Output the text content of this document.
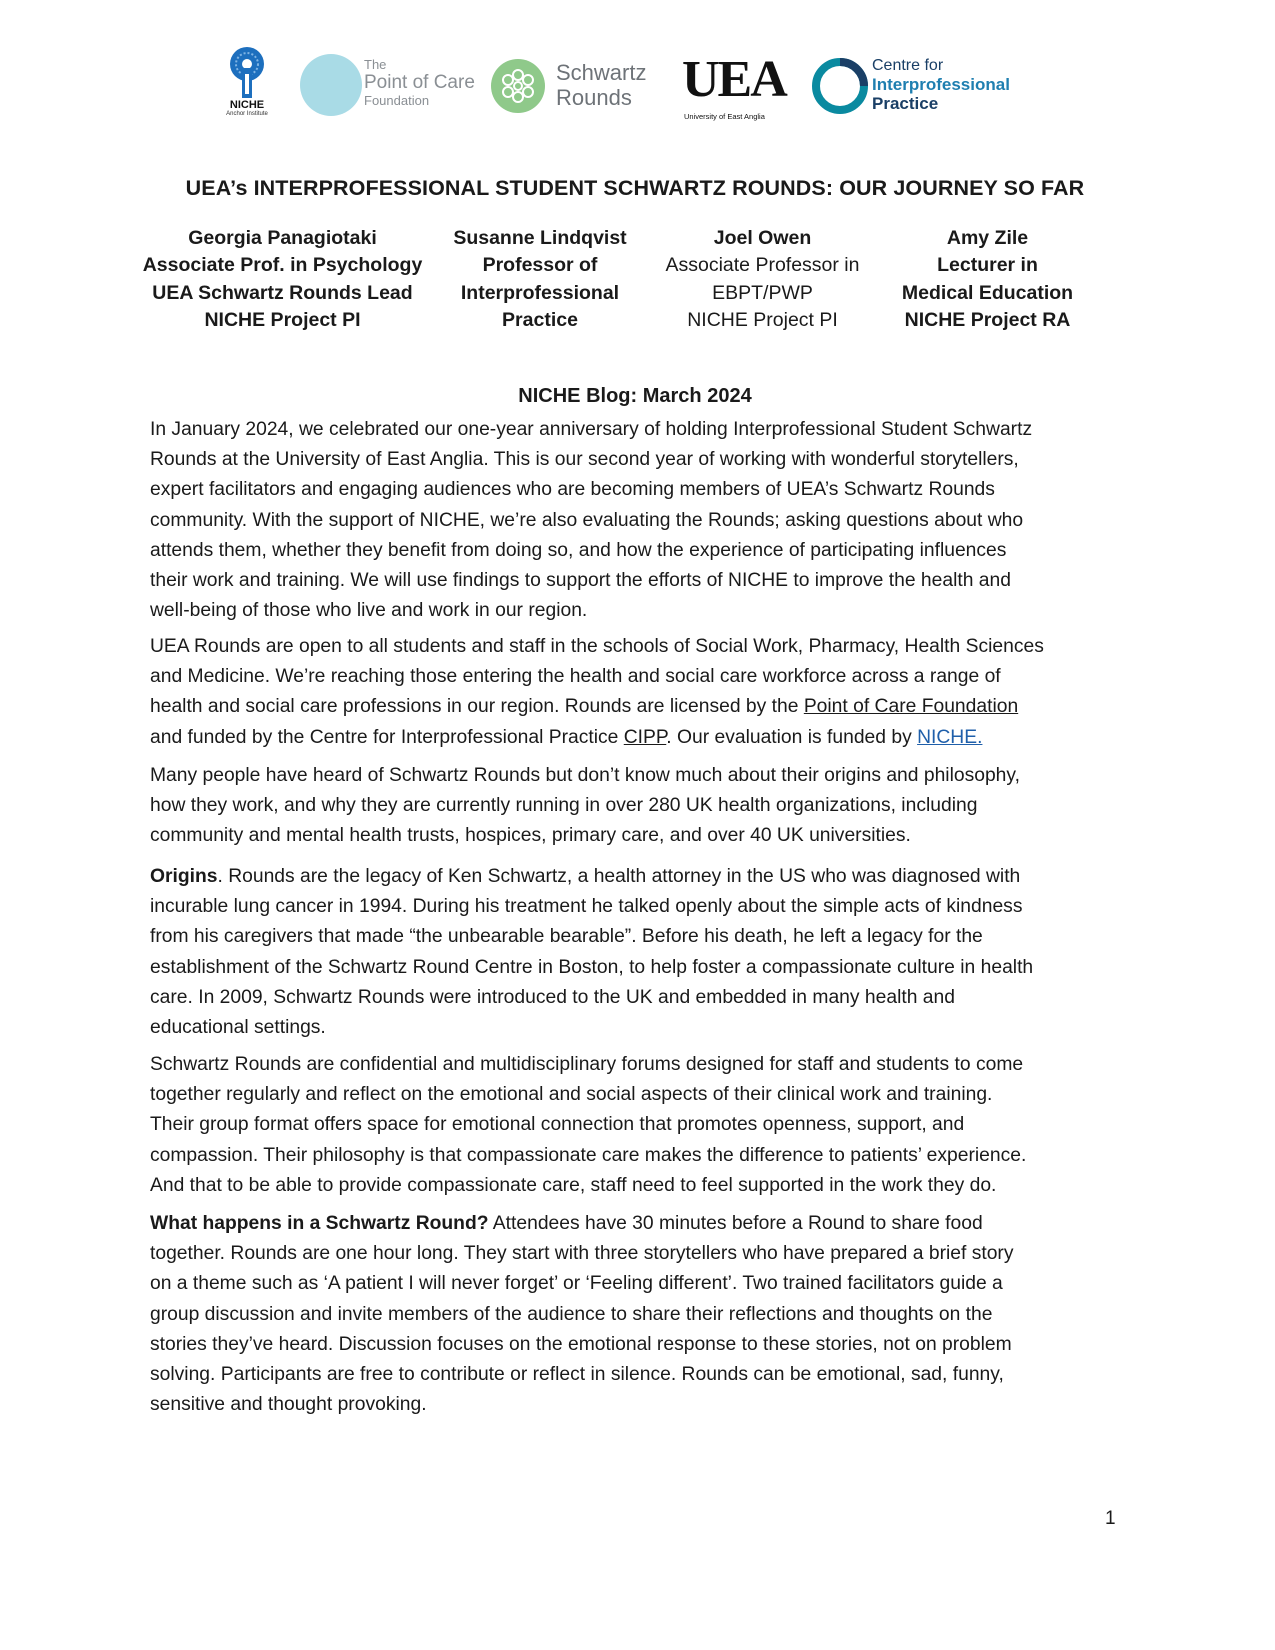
NICHE
Anchor Institute
The
Point of Care
Foundation
Schwartz
Rounds UEA
University of East Anglia
Centre for
Interprofessional
Practice
UEA’s INTERPROFESSIONAL STUDENT SCHWARTZ ROUNDS: OUR JOURNEY SO FAR
Georgia Panagiotaki
Associate Prof. in Psychology
UEA Schwartz Rounds Lead
NICHE Project PI
Susanne Lindqvist
Professor of
Interprofessional
Practice
Joel Owen
Associate Professor in
EBPT/PWP
NICHE Project PI
Amy Zile
Lecturer in
Medical Education
NICHE Project RA
NICHE Blog: March 2024
In January 2024, we celebrated our one-year anniversary of holding Interprofessional Student Schwartz
Rounds at the University of East Anglia. This is our second year of working with wonderful storytellers,
expert facilitators and engaging audiences who are becoming members of UEA’s Schwartz Rounds
community. With the support of NICHE, we’re also evaluating the Rounds; asking questions about who
attends them, whether they benefit from doing so, and how the experience of participating influences
their work and training. We will use findings to support the efforts of NICHE to improve the health and
well-being of those who live and work in our region.
UEA Rounds are open to all students and staff in the schools of Social Work, Pharmacy, Health Sciences
and Medicine. We’re reaching those entering the health and social care workforce across a range of
health and social care professions in our region. Rounds are licensed by the Point of Care Foundation
and funded by the Centre for Interprofessional Practice CIPP. Our evaluation is funded by NICHE.
Many people have heard of Schwartz Rounds but don’t know much about their origins and philosophy,
how they work, and why they are currently running in over 280 UK health organizations, including
community and mental health trusts, hospices, primary care, and over 40 UK universities.
Origins. Rounds are the legacy of Ken Schwartz, a health attorney in the US who was diagnosed with
incurable lung cancer in 1994. During his treatment he talked openly about the simple acts of kindness
from his caregivers that made “the unbearable bearable”. Before his death, he left a legacy for the
establishment of the Schwartz Round Centre in Boston, to help foster a compassionate culture in health
care. In 2009, Schwartz Rounds were introduced to the UK and embedded in many health and
educational settings.
Schwartz Rounds are confidential and multidisciplinary forums designed for staff and students to come
together regularly and reflect on the emotional and social aspects of their clinical work and training.
Their group format offers space for emotional connection that promotes openness, support, and
compassion. Their philosophy is that compassionate care makes the difference to patients’ experience.
And that to be able to provide compassionate care, staff need to feel supported in the work they do.
What happens in a Schwartz Round? Attendees have 30 minutes before a Round to share food
together. Rounds are one hour long. They start with three storytellers who have prepared a brief story
on a theme such as ‘A patient I will never forget’ or ‘Feeling different’. Two trained facilitators guide a
group discussion and invite members of the audience to share their reflections and thoughts on the
stories they’ve heard. Discussion focuses on the emotional response to these stories, not on problem
solving. Participants are free to contribute or reflect in silence. Rounds can be emotional, sad, funny,
sensitive and thought provoking.
1
